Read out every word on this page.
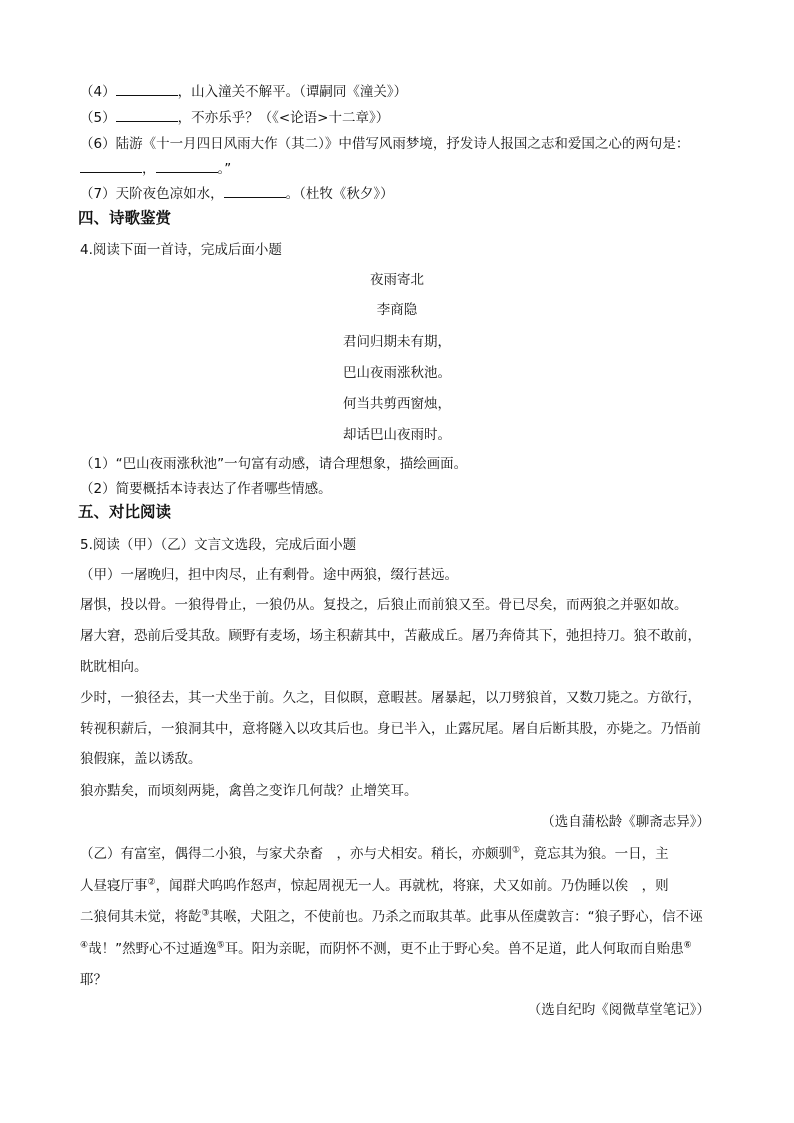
（4）	，山入潼关不解平。（谭嗣同《潼关》）
（5）	，不亦乐乎？（《<论语>十二章》）
（6）陆游《十一月四日风雨大作（其二）》中借写风雨梦境，抒发诗人报国之志和爱国之心的两句是：
，	。”
（7）天阶夜色凉如水，	。（杜牧《秋夕》）
四、诗歌鉴赏
4.阅读下面一首诗，完成后面小题
夜雨寄北
李商隐
君问归期未有期，
巴山夜雨涨秋池。
何当共剪西窗烛，
却话巴山夜雨时。
（1）“巴山夜雨涨秋池”一句富有动感，请合理想象，描绘画面。
（2）简要概括本诗表达了作者哪些情感。
五、对比阅读
5.阅读（甲）（乙）文言文选段，完成后面小题
（甲）一屠晚归，担中肉尽，止有剩骨。途中两狼，缀行甚远。
屠惧，投以骨。一狼得骨止，一狼仍从。复投之，后狼止而前狼又至。骨已尽矣，而两狼之并驱如故。
屠大窘，恐前后受其敌。顾野有麦场，场主积薪其中，苫蔽成丘。屠乃奔倚其下，弛担持刀。狼不敢前，
眈眈相向。
少时，一狼径去，其一犬坐于前。久之，目似瞑，意暇甚。屠暴起，以刀劈狼首，又数刀毙之。方欲行，
转视积薪后，一狼洞其中，意将隧入以攻其后也。身已半入，止露尻尾。屠自后断其股，亦毙之。乃悟前
狼假寐，盖以诱敌。
狼亦黠矣，而顷刻两毙，禽兽之变诈几何哉？止增笑耳。
（选自蒲松龄《聊斋志异》）
（乙）有富室，偶得二小狼，与家犬杂畜　，亦与犬相安。稍长，亦颇驯①，竟忘其为狼。一日，主
人昼寝厅事②，闻群犬呜呜作怒声，惊起周视无一人。再就枕，将寐，犬又如前。乃伪睡以俟　，则
二狼伺其未觉，将龁③其喉，犬阻之，不使前也。乃杀之而取其革。此事从侄虞敦言：“狼子野心，信不诬
④哉！”然野心不过遁逸⑤耳。阳为亲昵，而阴怀不测，更不止于野心矣。兽不足道，此人何取而自贻患⑥
耶？
（选自纪昀《阅微草堂笔记》）
